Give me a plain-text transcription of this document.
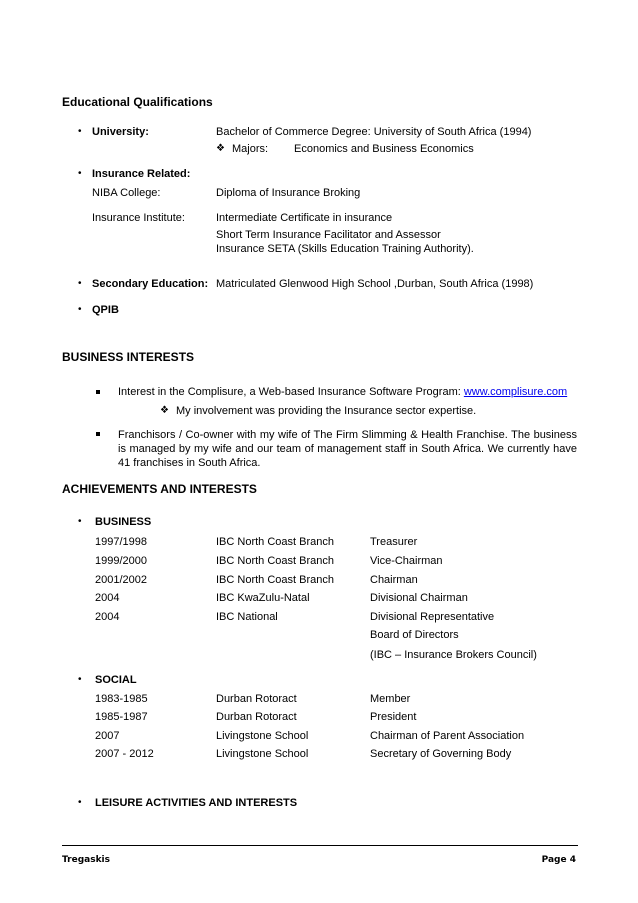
Educational Qualifications
• University:	Bachelor of Commerce Degree: University of South Africa (1994)
❖ Majors: Economics and Business Economics
• Insurance Related:
NIBA College:	Diploma of Insurance Broking
Insurance Institute:	Intermediate Certificate in insurance
Short Term Insurance Facilitator and Assessor
Insurance SETA (Skills Education Training Authority).
• Secondary Education: Matriculated Glenwood High School ,Durban, South Africa (1998)
• QPIB
BUSINESS INTERESTS
Interest in the Complisure, a Web-based Insurance Software Program: www.complisure.com
❖ My involvement was providing the Insurance sector expertise.
Franchisors / Co-owner with my wife of The Firm Slimming & Health Franchise. The business is managed by my wife and our team of management staff in South Africa. We currently have 41 franchises in South Africa.
ACHIEVEMENTS AND INTERESTS
• BUSINESS
1997/1998	IBC North Coast Branch	Treasurer
1999/2000	IBC North Coast Branch	Vice-Chairman
2001/2002	IBC North Coast Branch	Chairman
2004	IBC KwaZulu-Natal	Divisional Chairman
2004	IBC National	Divisional Representative
Board of Directors
(IBC – Insurance Brokers Council)
• SOCIAL
1983-1985	Durban Rotoract	Member
1985-1987	Durban Rotoract	President
2007	Livingstone School	Chairman of Parent Association
2007 - 2012	Livingstone School	Secretary of Governing Body
• LEISURE ACTIVITIES AND INTERESTS
Tregaskis	Page 4
